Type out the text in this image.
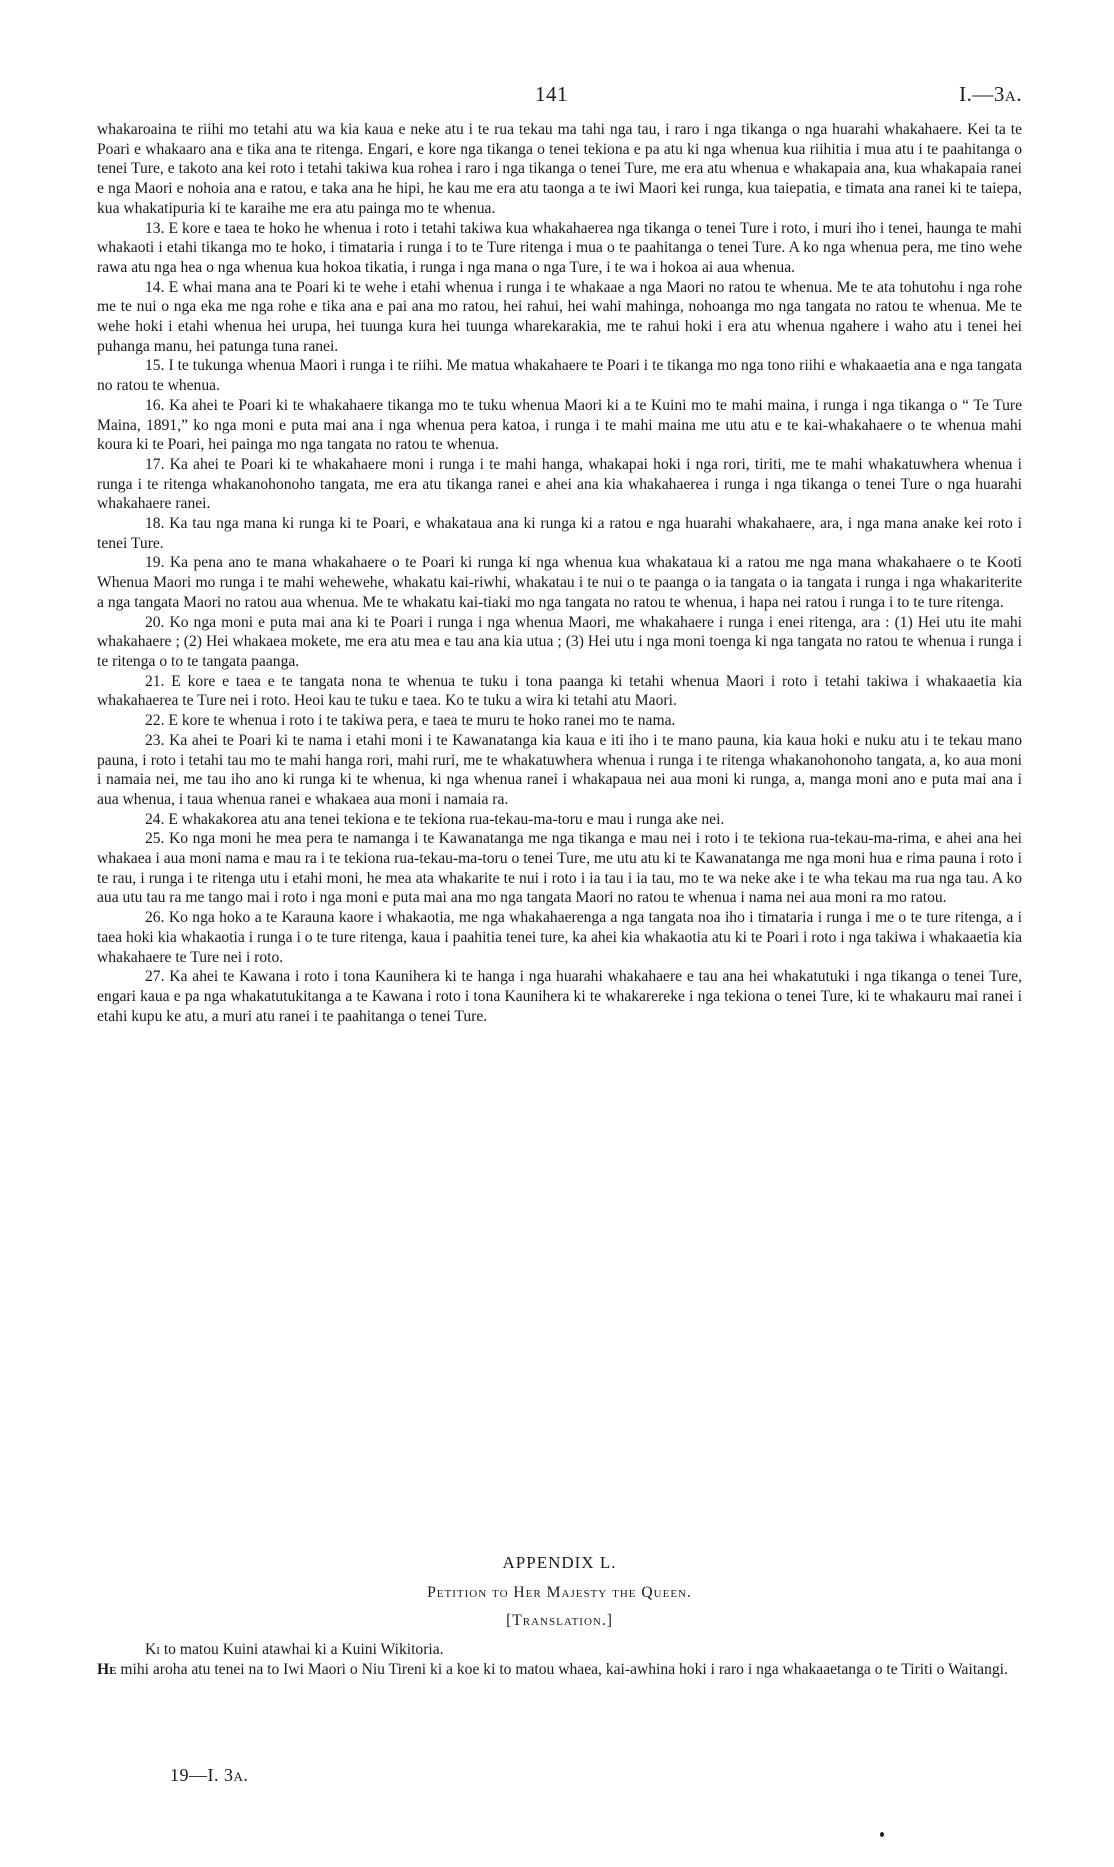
141	I.—3A.

whakaroaina te riihi mo tetahi atu wa kia kaua e neke atu i te rua tekau ma tahi nga tau, i raro i nga tikanga o nga huarahi whakahaere. Kei ta te Poari e whakaaro ana e tika ana te ritenga. Engari, e kore nga tikanga o tenei tekiona e pa atu ki nga whenua kua riihitia i mua atu i te paahitanga o tenei Ture, e takoto ana kei roto i tetahi takiwa kua rohea i raro i nga tikanga o tenei Ture, me era atu whenua e whakapaia ana, kua whakapaia ranei e nga Maori e nohoia ana e ratou, e taka ana he hipi, he kau me era atu taonga a te iwi Maori kei runga, kua taiepatia, e timata ana ranei ki te taiepa, kua whakatipuria ki te karaihe me era atu painga mo te whenua.

13. E kore e taea te hoko he whenua i roto i tetahi takiwa kua whakahaerea nga tikanga o tenei Ture i roto, i muri iho i tenei, haunga te mahi whakaoti i etahi tikanga mo te hoko, i timataria i runga i to te Ture ritenga i mua o te paahitanga o tenei Ture. A ko nga whenua pera, me tino wehe rawa atu nga hea o nga whenua kua hokoa tikatia, i runga i nga mana o nga Ture, i te wa i hokoa ai aua whenua.

14. E whai mana ana te Poari ki te wehe i etahi whenua i runga i te whakaae a nga Maori no ratou te whenua. Me te ata tohutohu i nga rohe me te nui o nga eka me nga rohe e tika ana e pai ana mo ratou, hei rahui, hei wahi mahinga, nohoanga mo nga tangata no ratou te whenua. Me te wehe hoki i etahi whenua hei urupa, hei tuunga kura hei tuunga wharekarakia, me te rahui hoki i era atu whenua ngahere i waho atu i tenei hei puhanga manu, hei patunga tuna ranei.

15. I te tukunga whenua Maori i runga i te riihi. Me matua whakahaere te Poari i te tikanga mo nga tono riihi e whakaaetia ana e nga tangata no ratou te whenua.

16. Ka ahei te Poari ki te whakahaere tikanga mo te tuku whenua Maori ki a te Kuini mo te mahi maina, i runga i nga tikanga o “ Te Ture Maina, 1891,” ko nga moni e puta mai ana i nga whenua pera katoa, i runga i te mahi maina me utu atu e te kai-whakahaere o te whenua mahi koura ki te Poari, hei painga mo nga tangata no ratou te whenua.

17. Ka ahei te Poari ki te whakahaere moni i runga i te mahi hanga, whakapai hoki i nga rori, tiriti, me te mahi whakatuwhera whenua i runga i te ritenga whakanohonoho tangata, me era atu tikanga ranei e ahei ana kia whakahaerea i runga i nga tikanga o tenei Ture o nga huarahi whakahaere ranei.

18. Ka tau nga mana ki runga ki te Poari, e whakataua ana ki runga ki a ratou e nga huarahi whakahaere, ara, i nga mana anake kei roto i tenei Ture.

19. Ka pena ano te mana whakahaere o te Poari ki runga ki nga whenua kua whakataua ki a ratou me nga mana whakahaere o te Kooti Whenua Maori mo runga i te mahi wehewehe, whakatu kai-riwhi, whakatau i te nui o te paanga o ia tangata o ia tangata i runga i nga whakariterite a nga tangata Maori no ratou aua whenua. Me te whakatu kai-tiaki mo nga tangata no ratou te whenua, i hapa nei ratou i runga i to te ture ritenga.

20. Ko nga moni e puta mai ana ki te Poari i runga i nga whenua Maori, me whakahaere i runga i enei ritenga, ara : (1) Hei utu ite mahi whakahaere ; (2) Hei whakaea mokete, me era atu mea e tau ana kia utua ; (3) Hei utu i nga moni toenga ki nga tangata no ratou te whenua i runga i te ritenga o to te tangata paanga.

21. E kore e taea e te tangata nona te whenua te tuku i tona paanga ki tetahi whenua Maori i roto i tetahi takiwa i whakaaetia kia whakahaerea te Ture nei i roto. Heoi kau te tuku e taea. Ko te tuku a wira ki tetahi atu Maori.

22. E kore te whenua i roto i te takiwa pera, e taea te muru te hoko ranei mo te nama.

23. Ka ahei te Poari ki te nama i etahi moni i te Kawanatanga kia kaua e iti iho i te mano pauna, kia kaua hoki e nuku atu i te tekau mano pauna, i roto i tetahi tau mo te mahi hanga rori, mahi ruri, me te whakatuwhera whenua i runga i te ritenga whakanohonoho tangata, a, ko aua moni i namaia nei, me tau iho ano ki runga ki te whenua, ki nga whenua ranei i whakapaua nei aua moni ki runga, a, manga moni ano e puta mai ana i aua whenua, i taua whenua ranei e whakaea aua moni i namaia ra.

24. E whakakorea atu ana tenei tekiona e te tekiona rua-tekau-ma-toru e mau i runga ake nei.

25. Ko nga moni he mea pera te namanga i te Kawanatanga me nga tikanga e mau nei i roto i te tekiona rua-tekau-ma-rima, e ahei ana hei whakaea i aua moni nama e mau ra i te tekiona rua-tekau-ma-toru o tenei Ture, me utu atu ki te Kawanatanga me nga moni hua e rima pauna i roto i te rau, i runga i te ritenga utu i etahi moni, he mea ata whakarite te nui i roto i ia tau i ia tau, mo te wa neke ake i te wha tekau ma rua nga tau. A ko aua utu tau ra me tango mai i roto i nga moni e puta mai ana mo nga tangata Maori no ratou te whenua i nama nei aua moni ra mo ratou.

26. Ko nga hoko a te Karauna kaore i whakaotia, me nga whakahaerenga a nga tangata noa iho i timataria i runga i me o te ture ritenga, a i taea hoki kia whakaotia i runga i o te ture ritenga, kaua i paahitia tenei ture, ka ahei kia whakaotia atu ki te Poari i roto i nga takiwa i whakaaetia kia whakahaere te Ture nei i roto.

27. Ka ahei te Kawana i roto i tona Kaunihera ki te hanga i nga huarahi whakahaere e tau ana hei whakatutuki i nga tikanga o tenei Ture, engari kaua e pa nga whakatutukitanga a te Kawana i roto i tona Kaunihera ki te whakarereke i nga tekiona o tenei Ture, ki te whakauru mai ranei i etahi kupu ke atu, a muri atu ranei i te paahitanga o tenei Ture.

APPENDIX L.
Petition to Her Majesty the Queen.
[Translation.]

Ki to matou Kuini atawhai ki a Kuini Wikitoria.

He mihi aroha atu tenei na to Iwi Maori o Niu Tireni ki a koe ki to matou whaea, kai-awhina hoki i raro i nga whakaaetanga o te Tiriti o Waitangi.

19—I. 3A.
